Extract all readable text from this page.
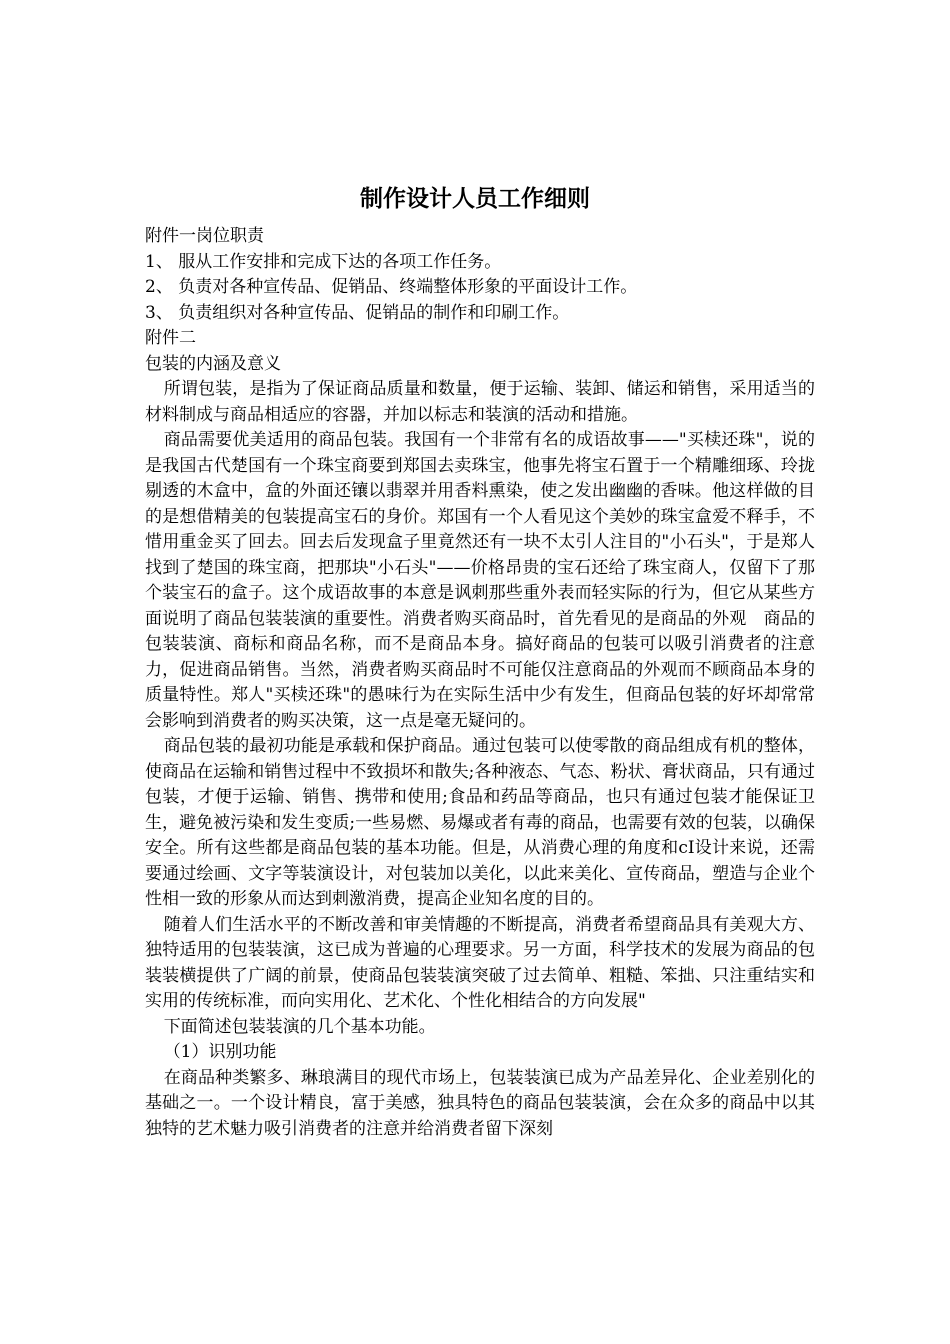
制作设计人员工作细则

附件一岗位职责

1、 服从工作安排和完成下达的各项工作任务。

2、 负责对各种宣传品、促销品、终端整体形象的平面设计工作。

3、 负责组织对各种宣传品、促销品的制作和印刷工作。

附件二

包装的内涵及意义

所谓包装，是指为了保证商品质量和数量，便于运输、装卸、储运和销售，采用适当的材料制成与商品相适应的容器，并加以标志和装演的活动和措施。

商品需要优美适用的商品包装。我国有一个非常有名的成语故事——"买椟还珠"，说的是我国古代楚国有一个珠宝商要到郑国去卖珠宝，他事先将宝石置于一个精雕细琢、玲拢剔透的木盒中，盒的外面还镶以翡翠并用香料熏染，使之发出幽幽的香味。他这样做的目的是想借精美的包装提高宝石的身价。郑国有一个人看见这个美妙的珠宝盒爱不释手，不惜用重金买了回去。回去后发现盒子里竟然还有一块不太引人注目的"小石头"，于是郑人找到了楚国的珠宝商，把那块"小石头"——价格昂贵的宝石还给了珠宝商人，仅留下了那个装宝石的盒子。这个成语故事的本意是讽刺那些重外表而轻实际的行为，但它从某些方面说明了商品包装装演的重要性。消费者购买商品时，首先看见的是商品的外观　商品的包装装演、商标和商品名称，而不是商品本身。搞好商品的包装可以吸引消费者的注意力，促进商品销售。当然，消费者购买商品时不可能仅注意商品的外观而不顾商品本身的质量特性。郑人"买椟还珠"的愚味行为在实际生活中少有发生，但商品包装的好坏却常常会影响到消费者的购买决策，这一点是毫无疑问的。

商品包装的最初功能是承载和保护商品。通过包装可以使零散的商品组成有机的整体，使商品在运输和销售过程中不致损坏和散失;各种液态、气态、粉状、膏状商品，只有通过包装，才便于运输、销售、携带和使用;食品和药品等商品，也只有通过包装才能保证卫生，避免被污染和发生变质;一些易燃、易爆或者有毒的商品，也需要有效的包装，以确保安全。所有这些都是商品包装的基本功能。但是，从消费心理的角度和cI设计来说，还需要通过绘画、文字等装演设计，对包装加以美化，以此来美化、宣传商品，塑造与企业个性相一致的形象从而达到刺激消费，提高企业知名度的目的。

随着人们生活水平的不断改善和审美情趣的不断提高，消费者希望商品具有美观大方、独特适用的包装装演，这已成为普遍的心理要求。另一方面，科学技术的发展为商品的包装装横提供了广阔的前景，使商品包装装演突破了过去简单、粗糙、笨拙、只注重结实和实用的传统标准，而向实用化、艺术化、个性化相结合的方向发展"

下面简述包装装演的几个基本功能。

（1）识别功能

在商品种类繁多、琳琅满目的现代市场上，包装装演已成为产品差异化、企业差别化的基础之一。一个设计精良，富于美感，独具特色的商品包装装演，会在众多的商品中以其独特的艺术魅力吸引消费者的注意并给消费者留下深刻
